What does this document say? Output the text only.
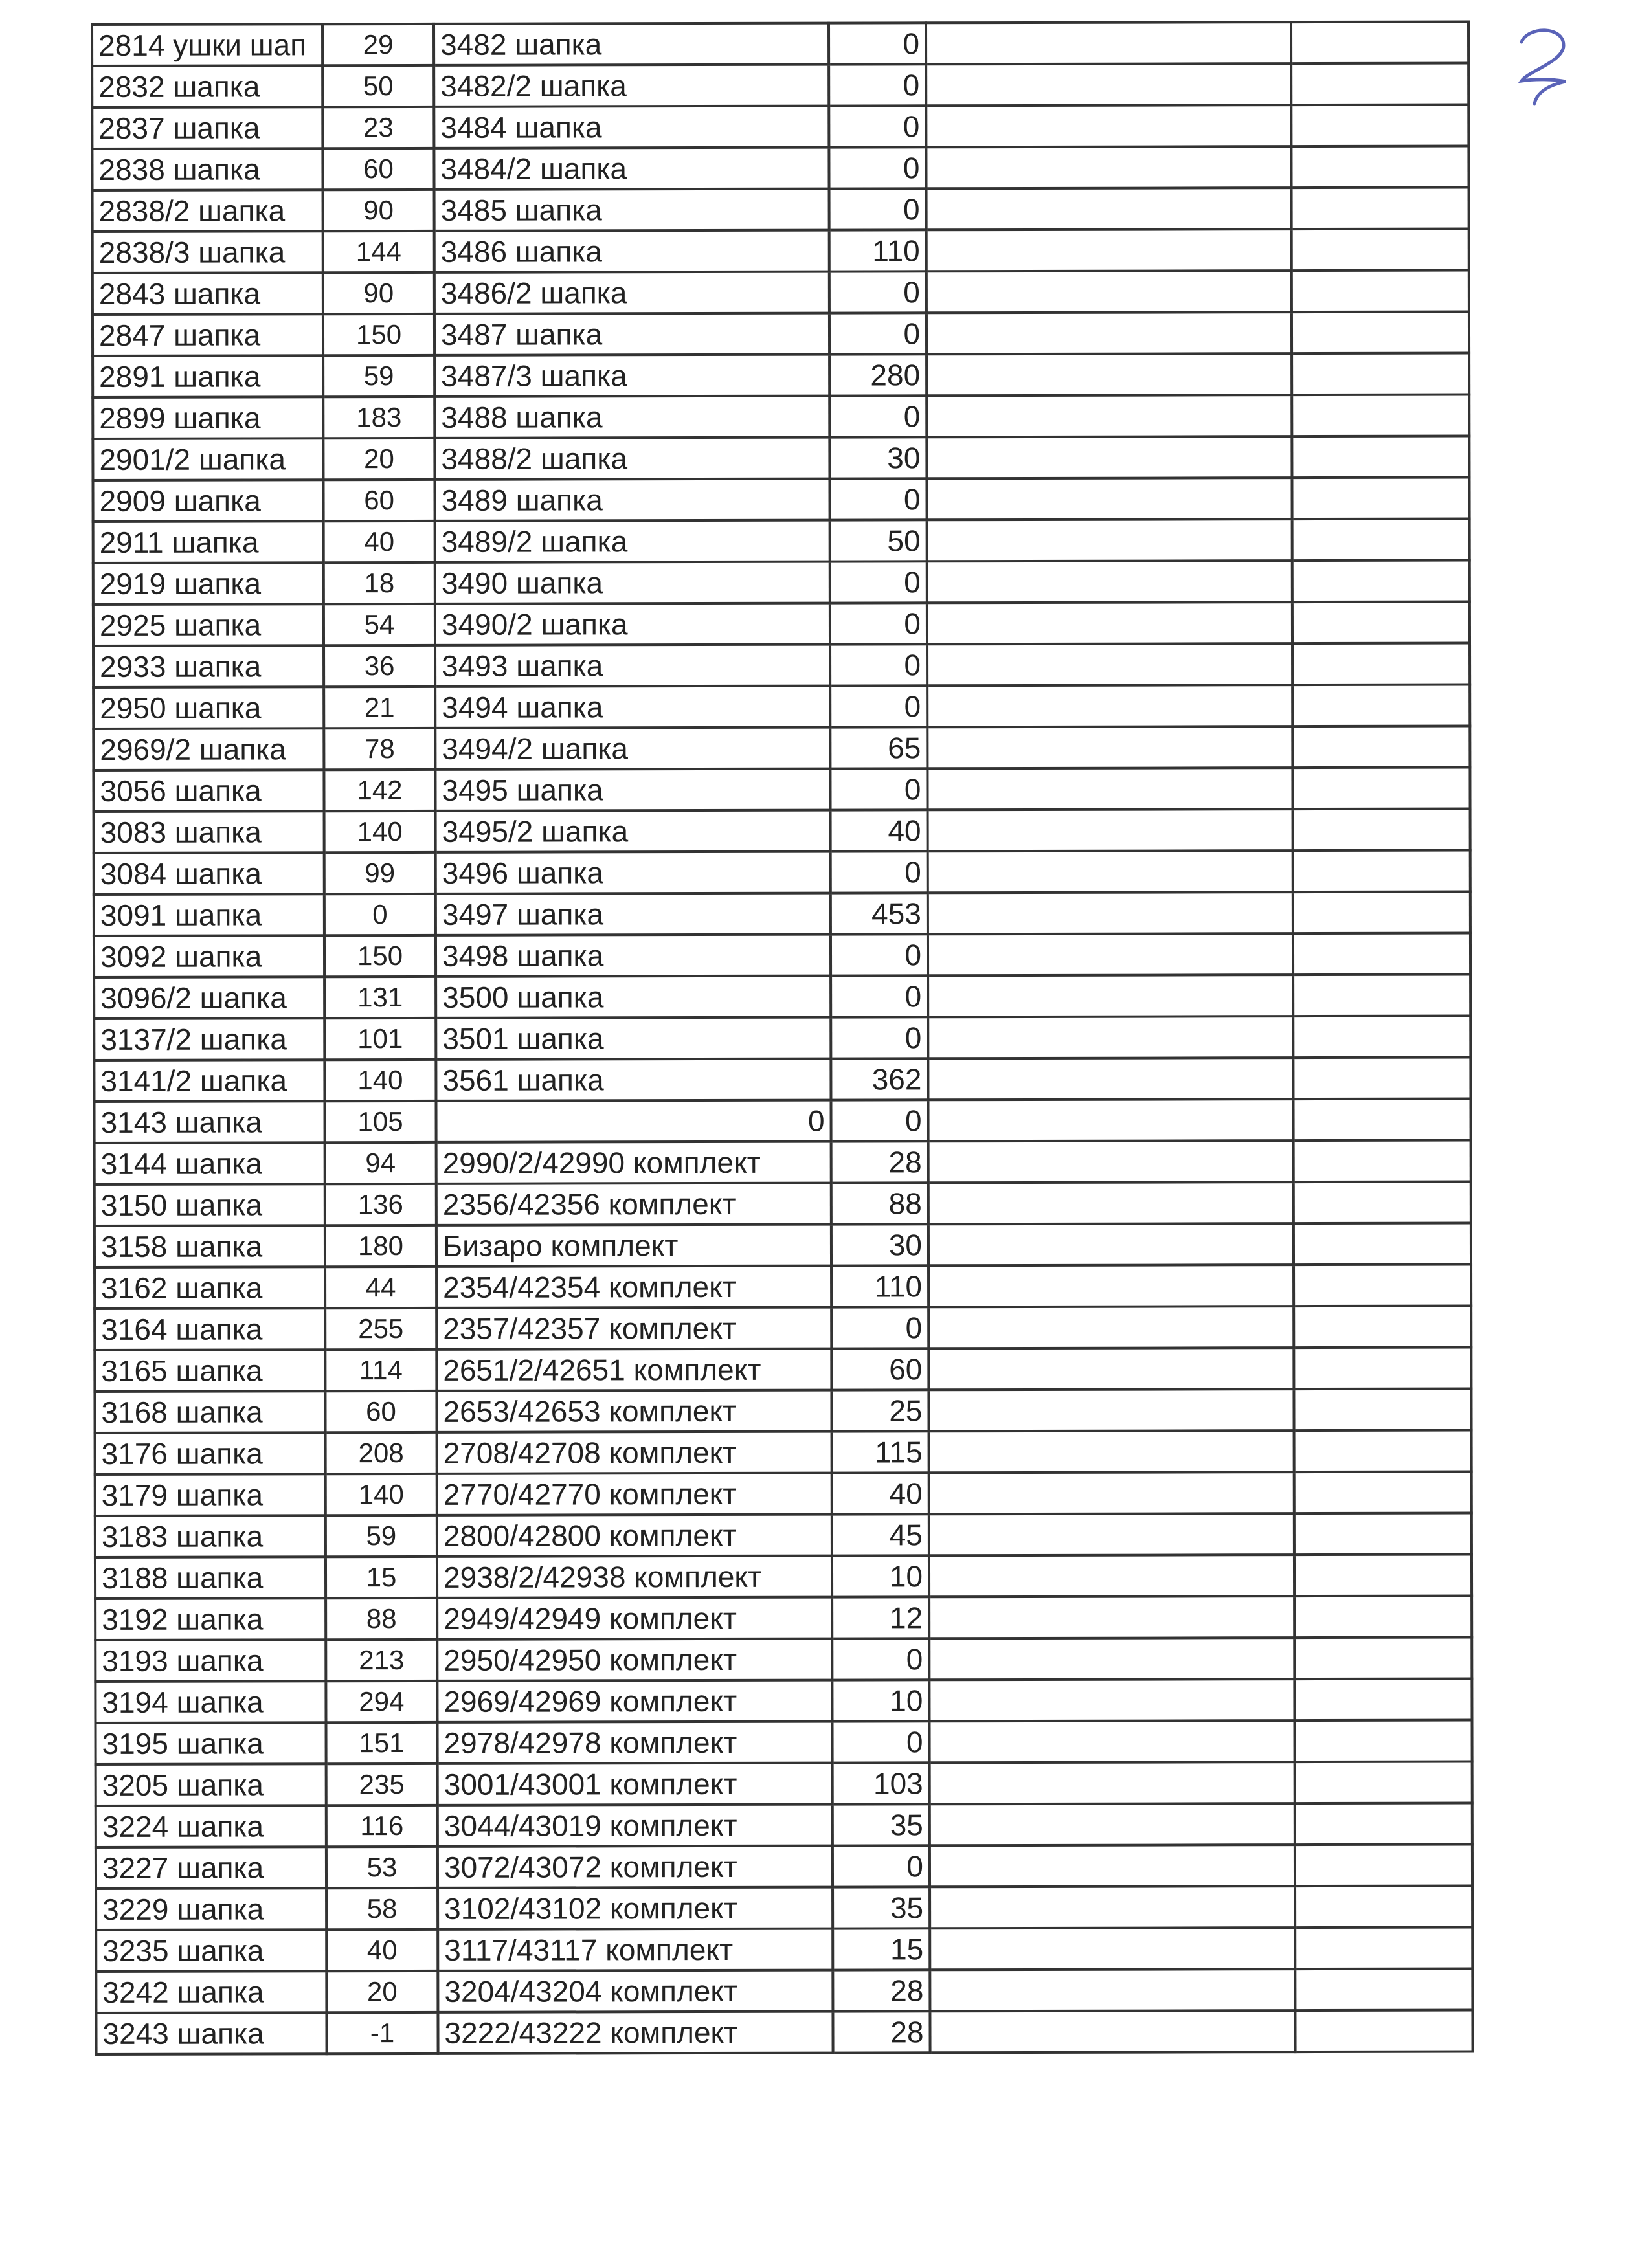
2814 ушки шап	29	3482 шапка	0		
2832 шапка	50	3482/2 шапка	0		
2837 шапка	23	3484 шапка	0		
2838 шапка	60	3484/2 шапка	0		
2838/2 шапка	90	3485 шапка	0		
2838/3 шапка	144	3486 шапка	110		
2843 шапка	90	3486/2 шапка	0		
2847 шапка	150	3487 шапка	0		
2891 шапка	59	3487/3 шапка	280		
2899 шапка	183	3488 шапка	0		
2901/2 шапка	20	3488/2 шапка	30		
2909 шапка	60	3489 шапка	0		
2911 шапка	40	3489/2 шапка	50		
2919 шапка	18	3490 шапка	0		
2925 шапка	54	3490/2 шапка	0		
2933 шапка	36	3493 шапка	0		
2950 шапка	21	3494 шапка	0		
2969/2 шапка	78	3494/2 шапка	65		
3056 шапка	142	3495 шапка	0		
3083 шапка	140	3495/2 шапка	40		
3084 шапка	99	3496 шапка	0		
3091 шапка	0	3497 шапка	453		
3092 шапка	150	3498 шапка	0		
3096/2 шапка	131	3500 шапка	0		
3137/2 шапка	101	3501 шапка	0		
3141/2 шапка	140	3561 шапка	362		
3143 шапка	105	0	0		
3144 шапка	94	2990/2/42990 комплект	28		
3150 шапка	136	2356/42356 комплект	88		
3158 шапка	180	Бизаро комплект	30		
3162 шапка	44	2354/42354 комплект	110		
3164 шапка	255	2357/42357 комплект	0		
3165 шапка	114	2651/2/42651 комплект	60		
3168 шапка	60	2653/42653 комплект	25		
3176 шапка	208	2708/42708 комплект	115		
3179 шапка	140	2770/42770 комплект	40		
3183 шапка	59	2800/42800 комплект	45		
3188 шапка	15	2938/2/42938 комплект	10		
3192 шапка	88	2949/42949 комплект	12		
3193 шапка	213	2950/42950 комплект	0		
3194 шапка	294	2969/42969 комплект	10		
3195 шапка	151	2978/42978 комплект	0		
3205 шапка	235	3001/43001 комплект	103		
3224 шапка	116	3044/43019 комплект	35		
3227 шапка	53	3072/43072 комплект	0		
3229 шапка	58	3102/43102 комплект	35		
3235 шапка	40	3117/43117 комплект	15		
3242 шапка	20	3204/43204 комплект	28		
3243 шапка	-1	3222/43222 комплект	28		
